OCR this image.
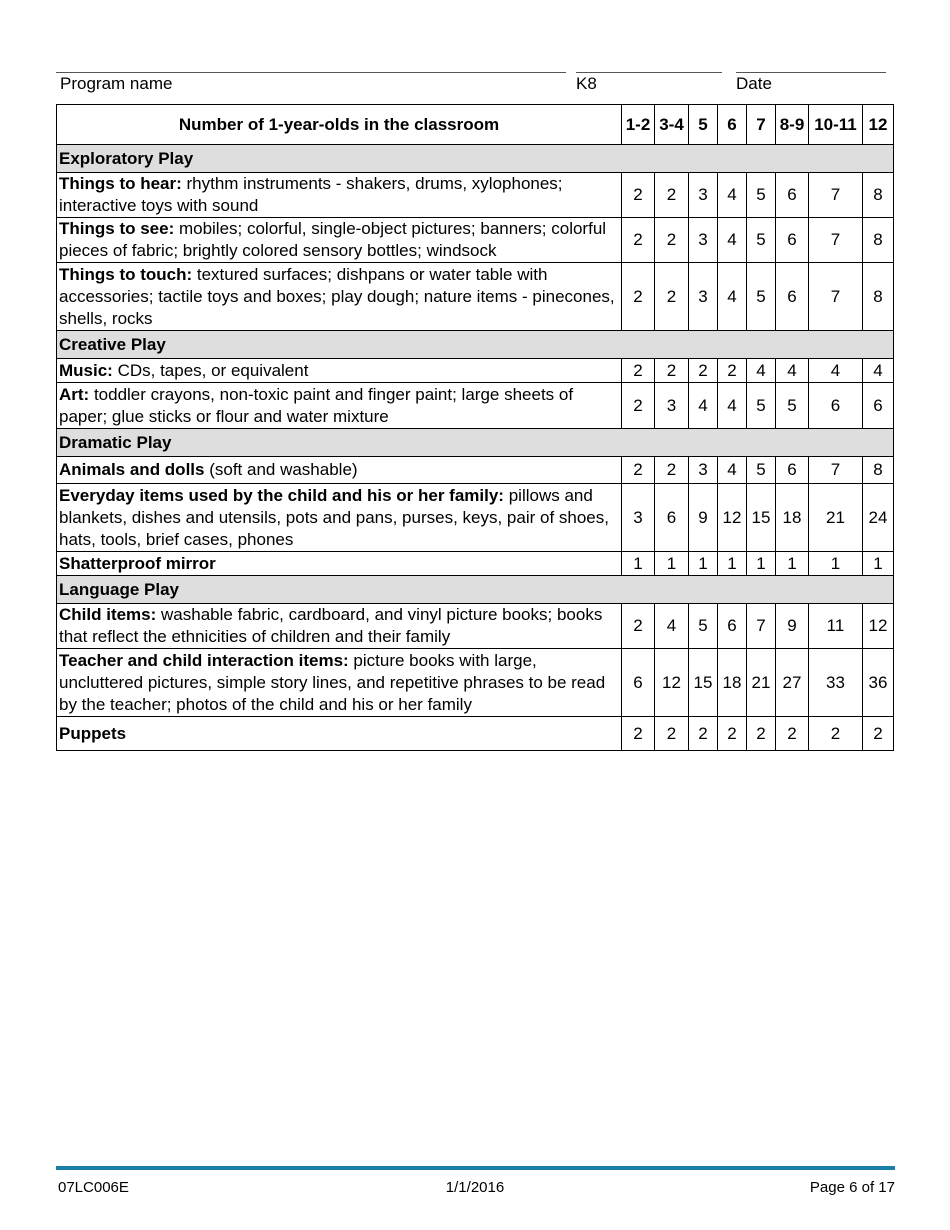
Program name	K8	Date
Number of 1-year-olds in the classroom	1-2	3-4	5	6	7	8-9	10-11	12
Exploratory Play								
Things to hear: rhythm instruments - shakers, drums, xylophones; interactive toys with sound	2	2	3	4	5	6	7	8
Things to see: mobiles; colorful, single-object pictures; banners; colorful pieces of fabric; brightly colored sensory bottles; windsock	2	2	3	4	5	6	7	8
Things to touch: textured surfaces; dishpans or water table with accessories; tactile toys and boxes; play dough; nature items - pinecones, shells, rocks	2	2	3	4	5	6	7	8
Creative Play								
Music: CDs, tapes, or equivalent	2	2	2	2	4	4	4	4
Art: toddler crayons, non-toxic paint and finger paint; large sheets of paper; glue sticks or flour and water mixture	2	3	4	4	5	5	6	6
Dramatic Play								
Animals and dolls (soft and washable)	2	2	3	4	5	6	7	8
Everyday items used by the child and his or her family: pillows and blankets, dishes and utensils, pots and pans, purses, keys, pair of shoes, hats, tools, brief cases, phones	3	6	9	12	15	18	21	24
Shatterproof mirror	1	1	1	1	1	1	1	1
Language Play								
Child items: washable fabric, cardboard, and vinyl picture books; books that reflect the ethnicities of children and their family	2	4	5	6	7	9	11	12
Teacher and child interaction items: picture books with large, uncluttered pictures, simple story lines, and repetitive phrases to be read by the teacher; photos of the child and his or her family	6	12	15	18	21	27	33	36
Puppets	2	2	2	2	2	2	2	2
07LC006E	1/1/2016	Page 6 of 17
